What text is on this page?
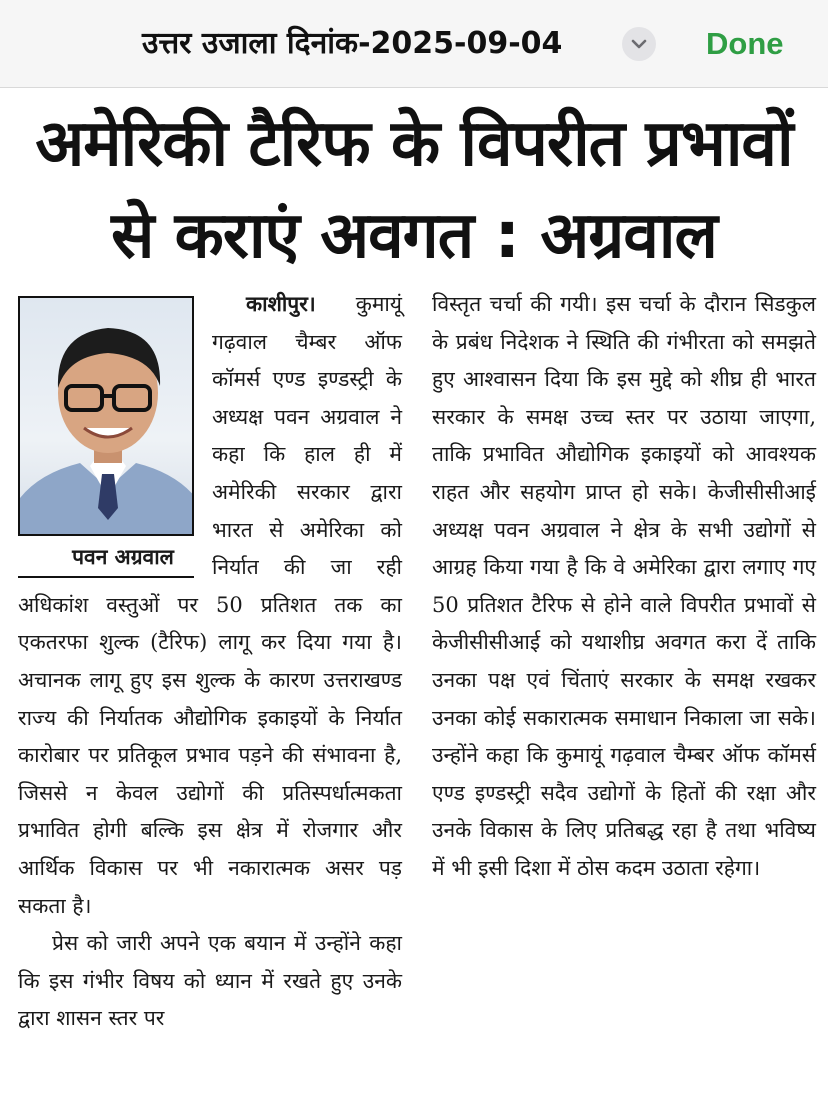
उत्तर उजाला दिनांक-2025-09-04	Done
अमेरिकी टैरिफ के विपरीत प्रभावों
से कराएं अवगत : अग्रवाल

काशीपुर।
पवन अग्रवाल
कुमायूं गढ़वाल चैम्बर ऑफ कॉमर्स एण्ड इण्डस्ट्री के अध्यक्ष पवन अग्रवाल ने कहा कि हाल ही में अमेरिकी सरकार द्वारा भारत से अमेरिका को निर्यात की जा रही अधिकांश वस्तुओं पर 50 प्रतिशत तक का एकतरफा शुल्क (टैरिफ) लागू कर दिया गया है। अचानक लागू हुए इस शुल्क के कारण उत्तराखण्ड राज्य की निर्यातक औद्योगिक इकाइयों के निर्यात कारोबार पर प्रतिकूल प्रभाव पड़ने की संभावना है, जिससे न केवल उद्योगों की प्रतिस्पर्धात्मकता प्रभावित होगी बल्कि इस क्षेत्र में रोजगार और आर्थिक विकास पर भी नकारात्मक असर पड़ सकता है।

प्रेस को जारी अपने एक बयान में उन्होंने कहा कि इस गंभीर विषय को ध्यान में रखते हुए उनके द्वारा शासन स्तर पर

विस्तृत चर्चा की गयी। इस चर्चा के दौरान सिडकुल के प्रबंध निदेशक ने स्थिति की गंभीरता को समझते हुए आश्वासन दिया कि इस मुद्दे को शीघ्र ही भारत सरकार के समक्ष उच्च स्तर पर उठाया जाएगा, ताकि प्रभावित औद्योगिक इकाइयों को आवश्यक राहत और सहयोग प्राप्त हो सके। केजीसीसीआई अध्यक्ष पवन अग्रवाल ने क्षेत्र के सभी उद्योगों से आग्रह किया गया है कि वे अमेरिका द्वारा लगाए गए 50 प्रतिशत टैरिफ से होने वाले विपरीत प्रभावों से केजीसीसीआई को यथाशीघ्र अवगत करा दें ताकि उनका पक्ष एवं चिंताएं सरकार के समक्ष रखकर उनका कोई सकारात्मक समाधान निकाला जा सके। उन्होंने कहा कि कुमायूं गढ़वाल चैम्बर ऑफ कॉमर्स एण्ड इण्डस्ट्री सदैव उद्योगों के हितों की रक्षा और उनके विकास के लिए प्रतिबद्ध रहा है तथा भविष्य में भी इसी दिशा में ठोस कदम उठाता रहेगा।
